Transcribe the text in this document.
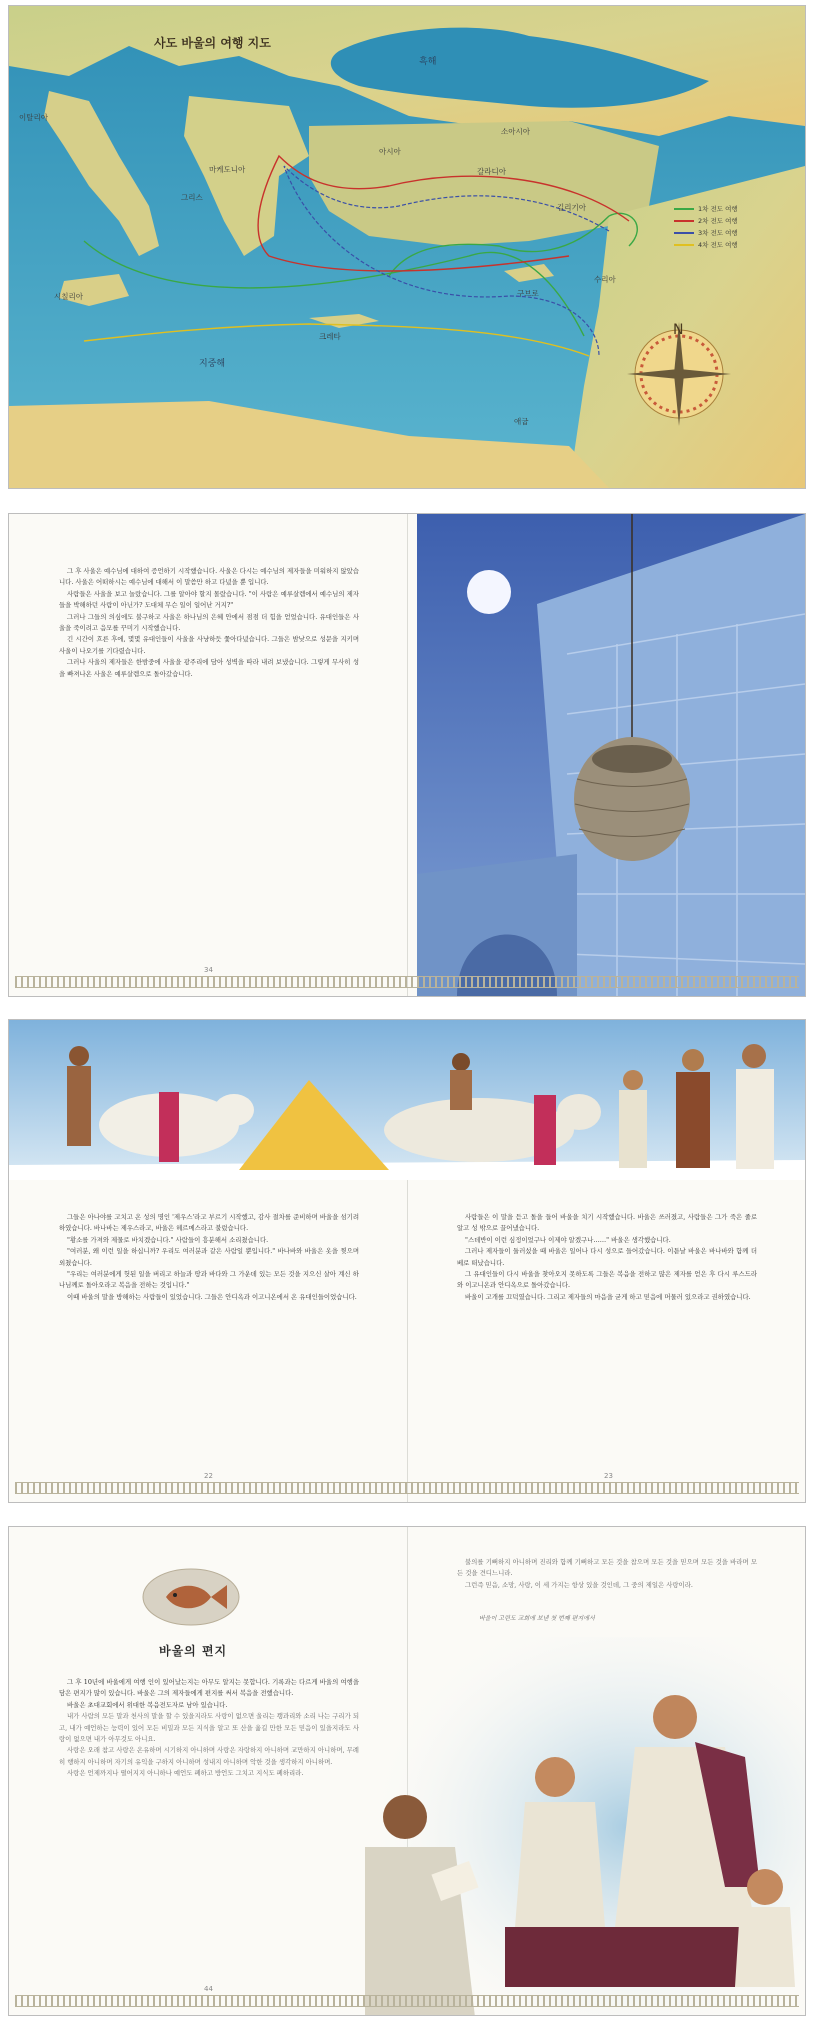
사도 바울의 여행 지도
흑해
소아시아
갈라디아
길리기아
마케도니아
그리스
이탈리아
시칠리아
지중해
구브로
수리아
애굽
아시아
크레타
1차 전도 여행
2차 전도 여행
3차 전도 여행
4차 전도 여행
N

그 후 사울은 예수님에 대하여 증언하기 시작했습니다. 사울은 다시는 예수님의 제자들을 미워하지 않았습니다. 사울은 어떠하시는 예수님에 대해서 이 말씀만 하고 다녔을 뿐 입니다.

사람들은 사울을 보고 놀랐습니다. 그를 알아야 할지 몰랐습니다. "이 사람은 예루살렘에서 예수님의 제자들을 박해하던 사람이 아닌가? 도대체 무슨 일이 일어난 거지?"

그러나 그들의 의심에도 불구하고 사울은 하나님의 은혜 안에서 점점 더 힘을 얻었습니다. 유대인들은 사울을 죽이려고 음모를 꾸미기 시작했습니다.

긴 시간이 흐른 후에, 몇몇 유대인들이 사울을 사냥하듯 쫓아다녔습니다. 그들은 밤낮으로 성문을 지키며 사울이 나오기를 기다렸습니다.

그러나 사울의 제자들은 한밤중에 사울을 광주리에 담아 성벽을 따라 내려 보냈습니다. 그렇게 무사히 성을 빠져나온 사울은 예루살렘으로 돌아갔습니다.

34

그들은 아나야를 고치고 온 성의 명인 '제우스'라고 부르기 시작했고, 감사 절차를 준비하며 바울을 섬기려 하였습니다. 바나바는 제우스라고, 바울은 헤르메스라고 불렀습니다.

"황소를 가져와 제물로 바치겠습니다." 사람들이 흥분해서 소리쳤습니다.

"여러분, 왜 이런 일을 하십니까? 우리도 여러분과 같은 사람일 뿐입니다." 바나바와 바울은 옷을 찢으며 외쳤습니다.

"우리는 여러분에게 헛된 일을 버리고 하늘과 땅과 바다와 그 가운데 있는 모든 것을 지으신 살아 계신 하나님께로 돌아오라고 복음을 전하는 것입니다."

이때 바울의 말을 방해하는 사람들이 있었습니다. 그들은 안디옥과 이고니온에서 온 유대인들이었습니다.

사람들은 이 말을 듣고 돌을 들어 바울을 치기 시작했습니다. 바울은 쓰러졌고, 사람들은 그가 죽은 줄로 알고 성 밖으로 끌어냈습니다.

"스데반이 이런 심정이었구나 이제야 알겠구나……" 바울은 생각했습니다.

그러나 제자들이 둘러섰을 때 바울은 일어나 다시 성으로 들어갔습니다. 이튿날 바울은 바나바와 함께 더베로 떠났습니다.

그 유대인들이 다시 바울을 찾아오지 못하도록 그들은 복음을 전하고 많은 제자를 얻은 후 다시 루스드라와 이고니온과 안디옥으로 돌아갔습니다.

바울이 고개를 끄덕였습니다. 그리고 제자들의 마음을 굳게 하고 믿음에 머물러 있으라고 권하였습니다.

22	23
바울의 편지

그 후 10년에 바울에게 여행 인이 있어났는지는 아무도 알지는 못합니다. 기록과는 다르게 바울의 여행을 담은 편지가 많이 있습니다. 바울은 그의 제자들에게 편지를 써서 복음을 전했습니다.

바울은 초대교회에서 위대한 복음전도자로 남아 있습니다.

내가 사람의 모든 말과 천사의 말을 할 수 있을지라도 사랑이 없으면 울리는 꽹과리와 소리 나는 구리가 되고, 내가 예언하는 능력이 있어 모든 비밀과 모든 지식을 알고 또 산을 옮길 만한 모든 믿음이 있을지라도 사랑이 없으면 내가 아무것도 아니요.

사랑은 오래 참고 사랑은 온유하며 시기하지 아니하며 사랑은 자랑하지 아니하며 교만하지 아니하며, 무례히 행하지 아니하며 자기의 유익을 구하지 아니하며 성내지 아니하며 악한 것을 생각하지 아니하며.

사랑은 언제까지나 떨어지지 아니하나 예언도 폐하고 방언도 그치고 지식도 폐하리라.

불의를 기뻐하지 아니하며 진리와 함께 기뻐하고 모든 것을 참으며 모든 것을 믿으며 모든 것을 바라며 모든 것을 견디느니라.

그런즉 믿음, 소망, 사랑, 이 세 가지는 항상 있을 것인데, 그 중의 제일은 사랑이라.

바울이 고린도 교회에 보낸 첫 번째 편지에서
44
